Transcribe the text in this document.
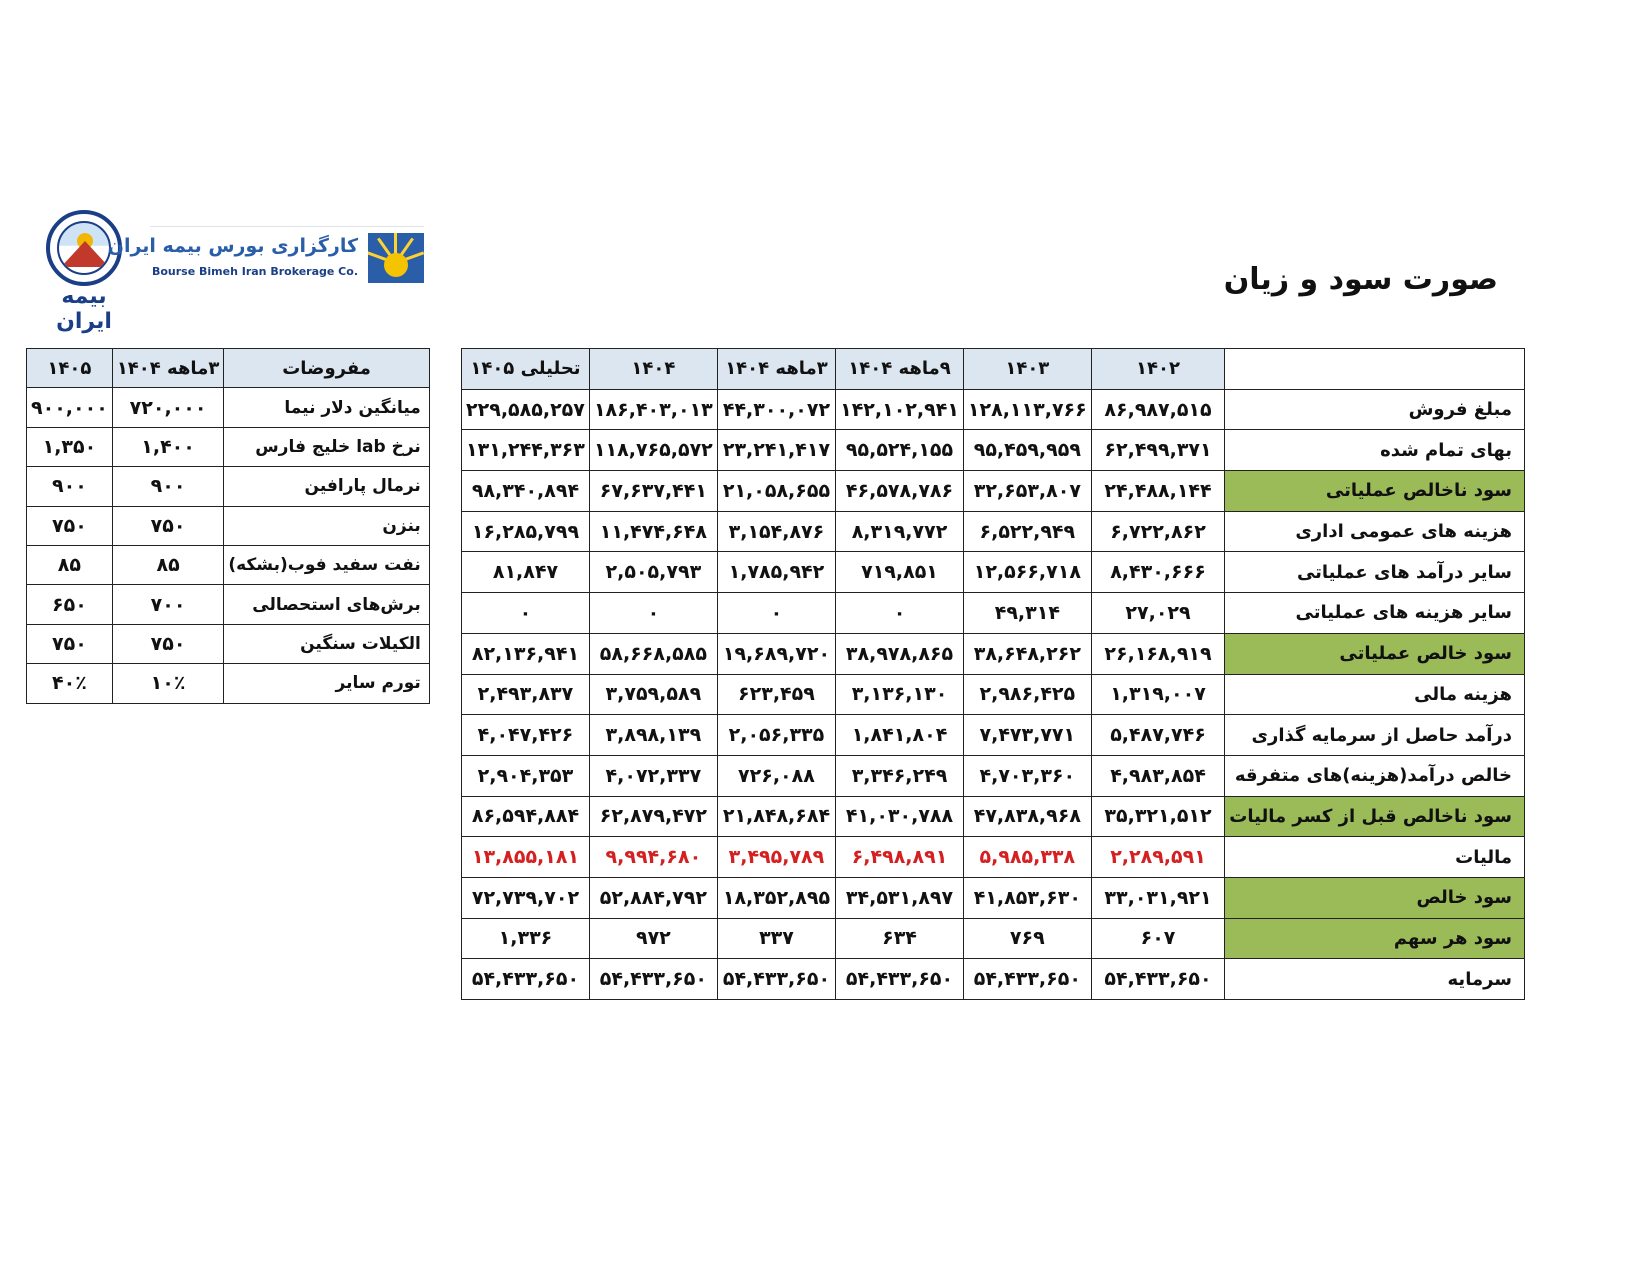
صورت سود و زیان
بیمه ایران
کارگزاری بورس بیمه ایران
Bourse Bimeh Iran Brokerage Co.
	۱۴۰۲	۱۴۰۳	۹ماهه ۱۴۰۴	۳ماهه ۱۴۰۴	۱۴۰۴	تحلیلی ۱۴۰۵
مبلغ فروش	۸۶,۹۸۷,۵۱۵	۱۲۸,۱۱۳,۷۶۶	۱۴۲,۱۰۲,۹۴۱	۴۴,۳۰۰,۰۷۲	۱۸۶,۴۰۳,۰۱۳	۲۲۹,۵۸۵,۲۵۷
بهای تمام شده	۶۲,۴۹۹,۳۷۱	۹۵,۴۵۹,۹۵۹	۹۵,۵۲۴,۱۵۵	۲۳,۲۴۱,۴۱۷	۱۱۸,۷۶۵,۵۷۲	۱۳۱,۲۴۴,۳۶۳
سود ناخالص عملیاتی	۲۴,۴۸۸,۱۴۴	۳۲,۶۵۳,۸۰۷	۴۶,۵۷۸,۷۸۶	۲۱,۰۵۸,۶۵۵	۶۷,۶۳۷,۴۴۱	۹۸,۳۴۰,۸۹۴
هزینه های عمومی اداری	۶,۷۲۲,۸۶۲	۶,۵۲۲,۹۴۹	۸,۳۱۹,۷۷۲	۳,۱۵۴,۸۷۶	۱۱,۴۷۴,۶۴۸	۱۶,۲۸۵,۷۹۹
سایر درآمد های عملیاتی	۸,۴۳۰,۶۶۶	۱۲,۵۶۶,۷۱۸	۷۱۹,۸۵۱	۱,۷۸۵,۹۴۲	۲,۵۰۵,۷۹۳	۸۱,۸۴۷
سایر هزینه های عملیاتی	۲۷,۰۲۹	۴۹,۳۱۴	۰	۰	۰	۰
سود خالص عملیاتی	۲۶,۱۶۸,۹۱۹	۳۸,۶۴۸,۲۶۲	۳۸,۹۷۸,۸۶۵	۱۹,۶۸۹,۷۲۰	۵۸,۶۶۸,۵۸۵	۸۲,۱۳۶,۹۴۱
هزینه مالی	۱,۳۱۹,۰۰۷	۲,۹۸۶,۴۲۵	۳,۱۳۶,۱۳۰	۶۲۳,۴۵۹	۳,۷۵۹,۵۸۹	۲,۴۹۳,۸۳۷
درآمد حاصل از سرمایه گذاری	۵,۴۸۷,۷۴۶	۷,۴۷۳,۷۷۱	۱,۸۴۱,۸۰۴	۲,۰۵۶,۳۳۵	۳,۸۹۸,۱۳۹	۴,۰۴۷,۴۲۶
خالص درآمد(هزینه)های متفرقه	۴,۹۸۳,۸۵۴	۴,۷۰۳,۳۶۰	۳,۳۴۶,۲۴۹	۷۲۶,۰۸۸	۴,۰۷۲,۳۳۷	۲,۹۰۴,۳۵۳
سود ناخالص قبل از کسر مالیات	۳۵,۳۲۱,۵۱۲	۴۷,۸۳۸,۹۶۸	۴۱,۰۳۰,۷۸۸	۲۱,۸۴۸,۶۸۴	۶۲,۸۷۹,۴۷۲	۸۶,۵۹۴,۸۸۴
مالیات	۲,۲۸۹,۵۹۱	۵,۹۸۵,۳۳۸	۶,۴۹۸,۸۹۱	۳,۴۹۵,۷۸۹	۹,۹۹۴,۶۸۰	۱۳,۸۵۵,۱۸۱
سود خالص	۳۳,۰۳۱,۹۲۱	۴۱,۸۵۳,۶۳۰	۳۴,۵۳۱,۸۹۷	۱۸,۳۵۲,۸۹۵	۵۲,۸۸۴,۷۹۲	۷۲,۷۳۹,۷۰۲
سود هر سهم	۶۰۷	۷۶۹	۶۳۴	۳۳۷	۹۷۲	۱,۳۳۶
سرمایه	۵۴,۴۳۳,۶۵۰	۵۴,۴۳۳,۶۵۰	۵۴,۴۳۳,۶۵۰	۵۴,۴۳۳,۶۵۰	۵۴,۴۳۳,۶۵۰	۵۴,۴۳۳,۶۵۰
مفروضات	۳ماهه ۱۴۰۴	۱۴۰۵
میانگین دلار نیما	۷۲۰,۰۰۰	۹۰۰,۰۰۰
نرخ lab خلیج فارس	۱,۴۰۰	۱,۳۵۰
نرمال پارافین	۹۰۰	۹۰۰
بنزن	۷۵۰	۷۵۰
نفت سفید فوب(بشکه)	۸۵	۸۵
برش‌های استحصالی	۷۰۰	۶۵۰
الکیلات سنگین	۷۵۰	۷۵۰
تورم سایر	۱۰٪	۴۰٪
